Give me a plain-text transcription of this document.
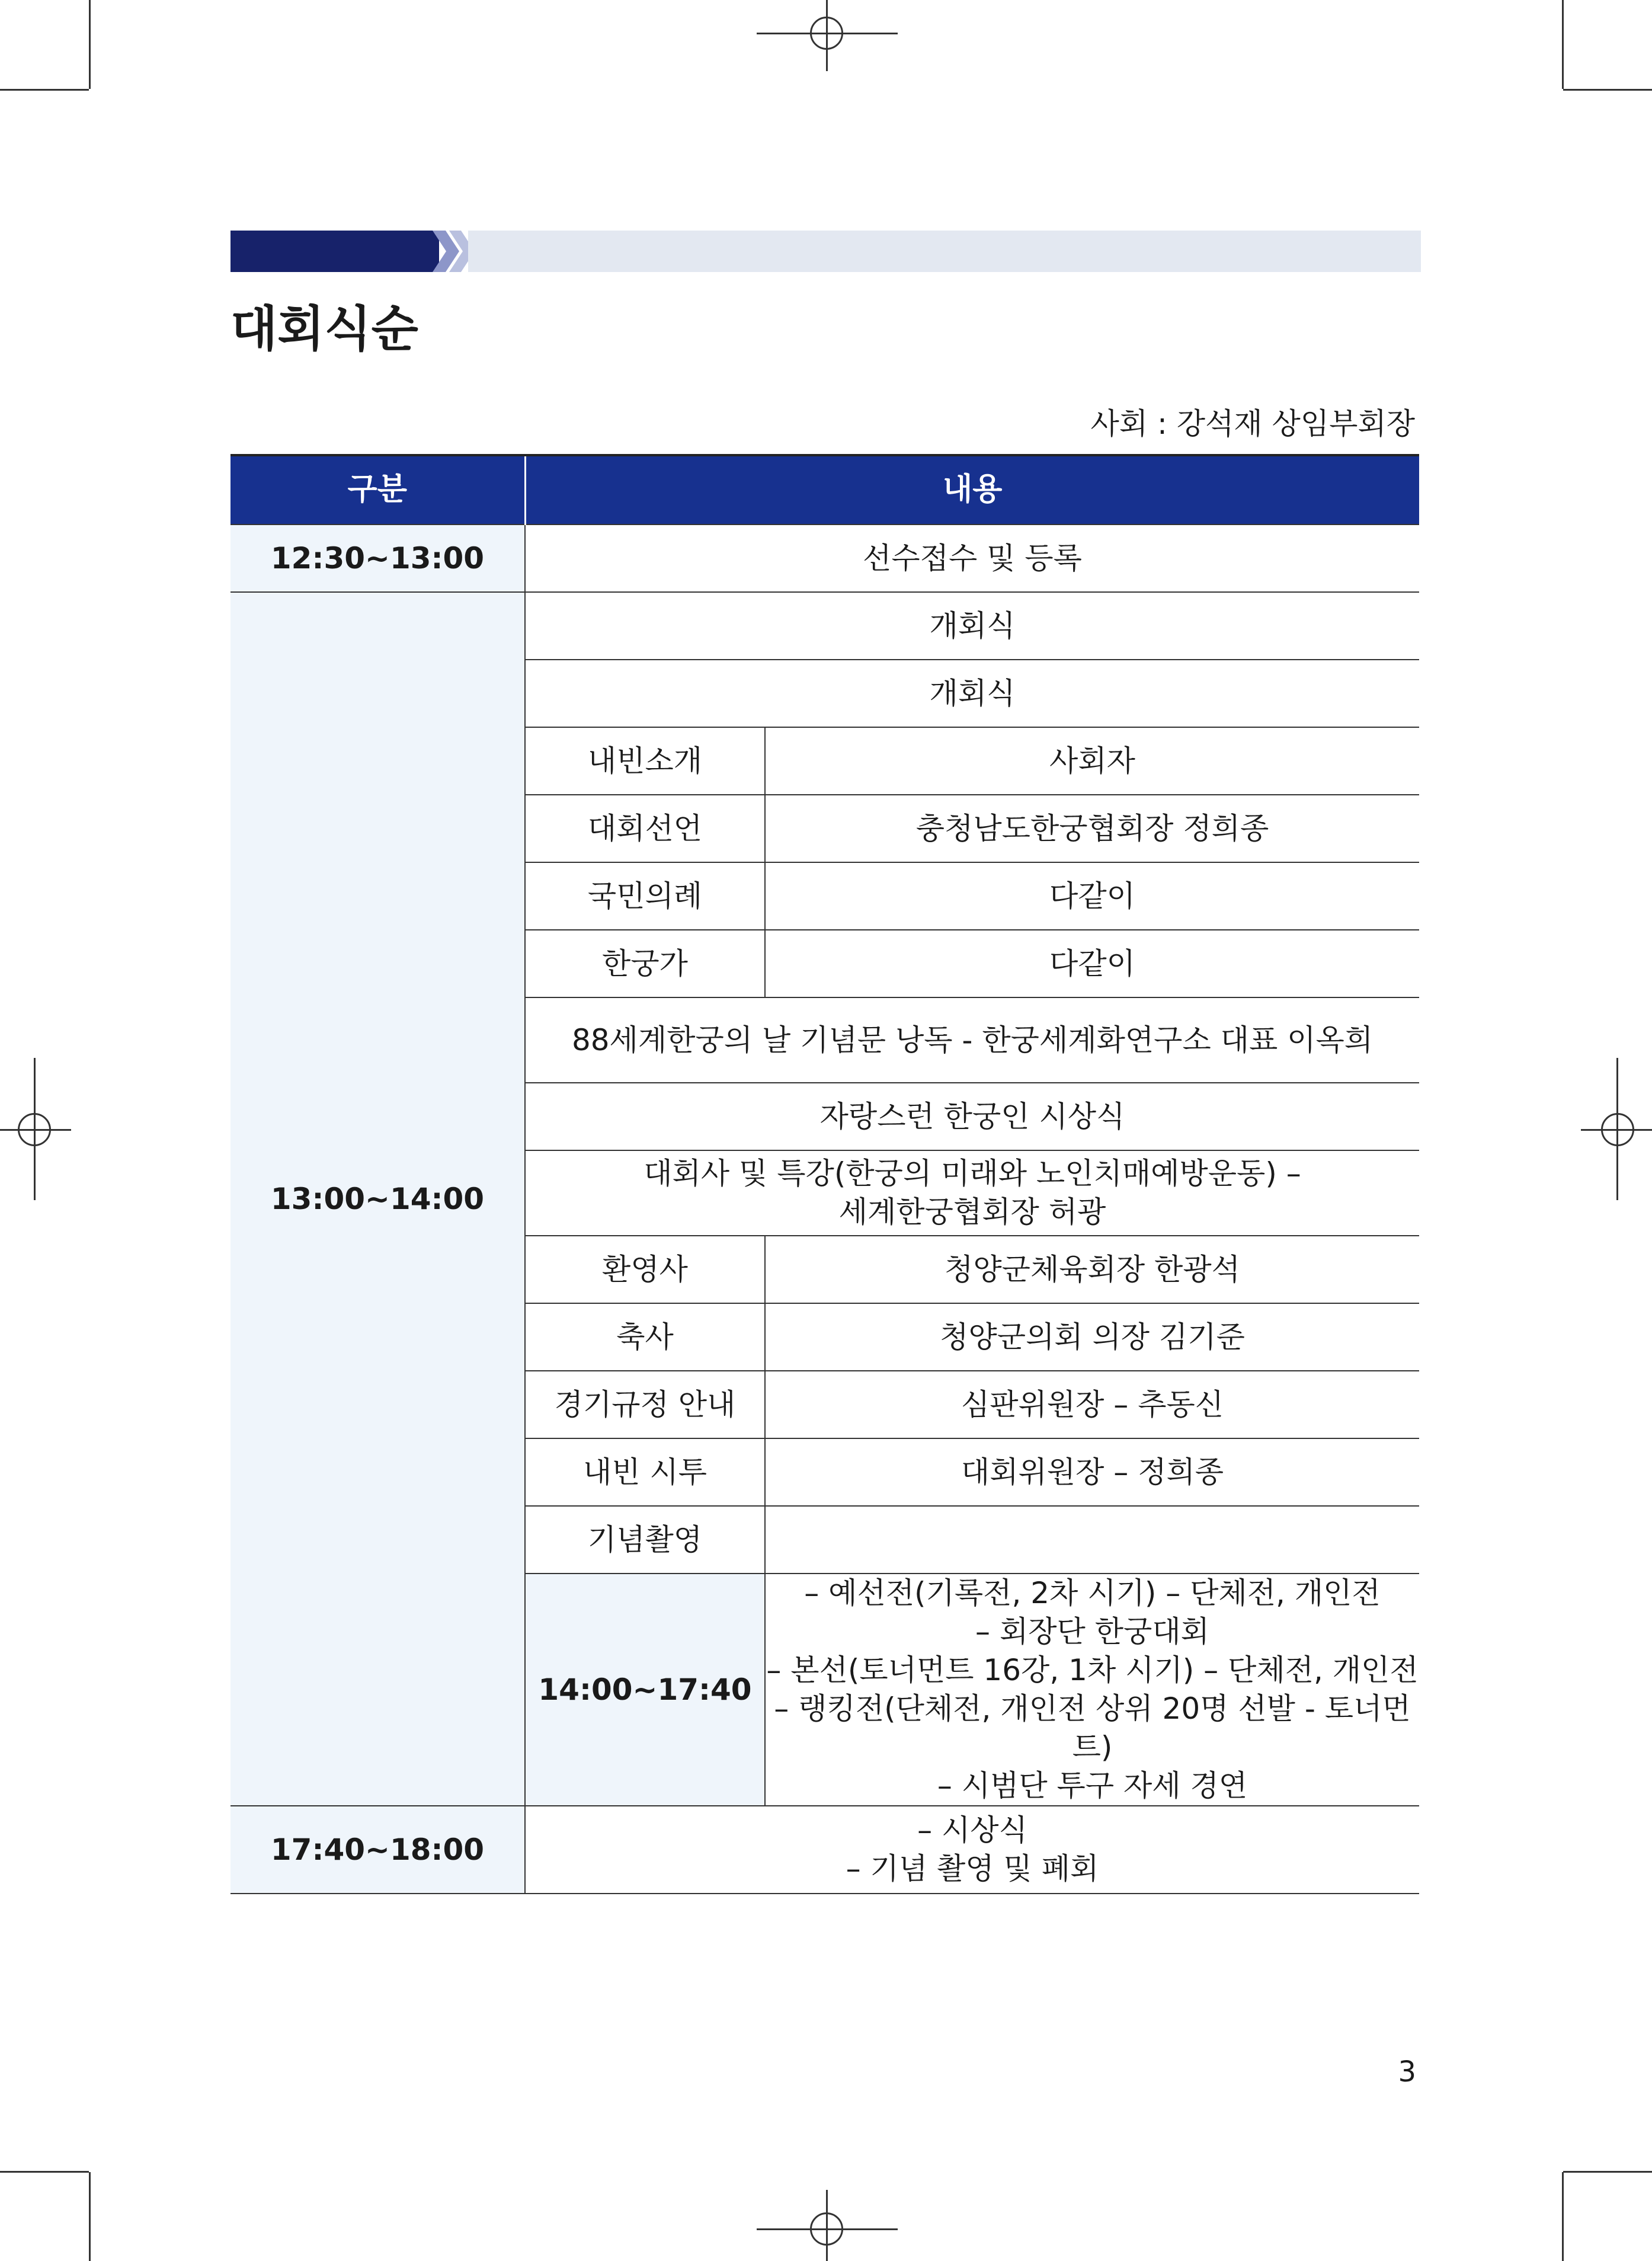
대회식순
사회 : 강석재 상임부회장
구분	내용	
12:30~13:00	선수접수 및 등록	
13:00~14:00	개회식	
	개회식	
	내빈소개	사회자
	대회선언	충청남도한궁협회장 정희종
	국민의례	다같이
	한궁가	다같이
	88세계한궁의 날 기념문 낭독 - 한궁세계화연구소 대표 이옥희	
	자랑스런 한궁인 시상식	

	대회사 및 특강(한궁의 미래와 노인치매예방운동) –
세계한궁협회장 허광	

	환영사	청양군체육회장 한광석
	축사	청양군의회 의장 김기준
	경기규정 안내	심판위원장 – 추동신
	내빈 시투	대회위원장 – 정희종
	기념촬영	
	14:00~17:40	– 예선전(기록전, 2차 시기) – 단체전, 개인전
– 회장단 한궁대회
– 본선(토너먼트 16강, 1차 시기) – 단체전, 개인전
– 랭킹전(단체전, 개인전 상위 20명 선발 - 토너먼트)
– 시범단 투구 자세 경연

17:40~18:00	– 시상식
– 기념 촬영 및 폐회	
3
